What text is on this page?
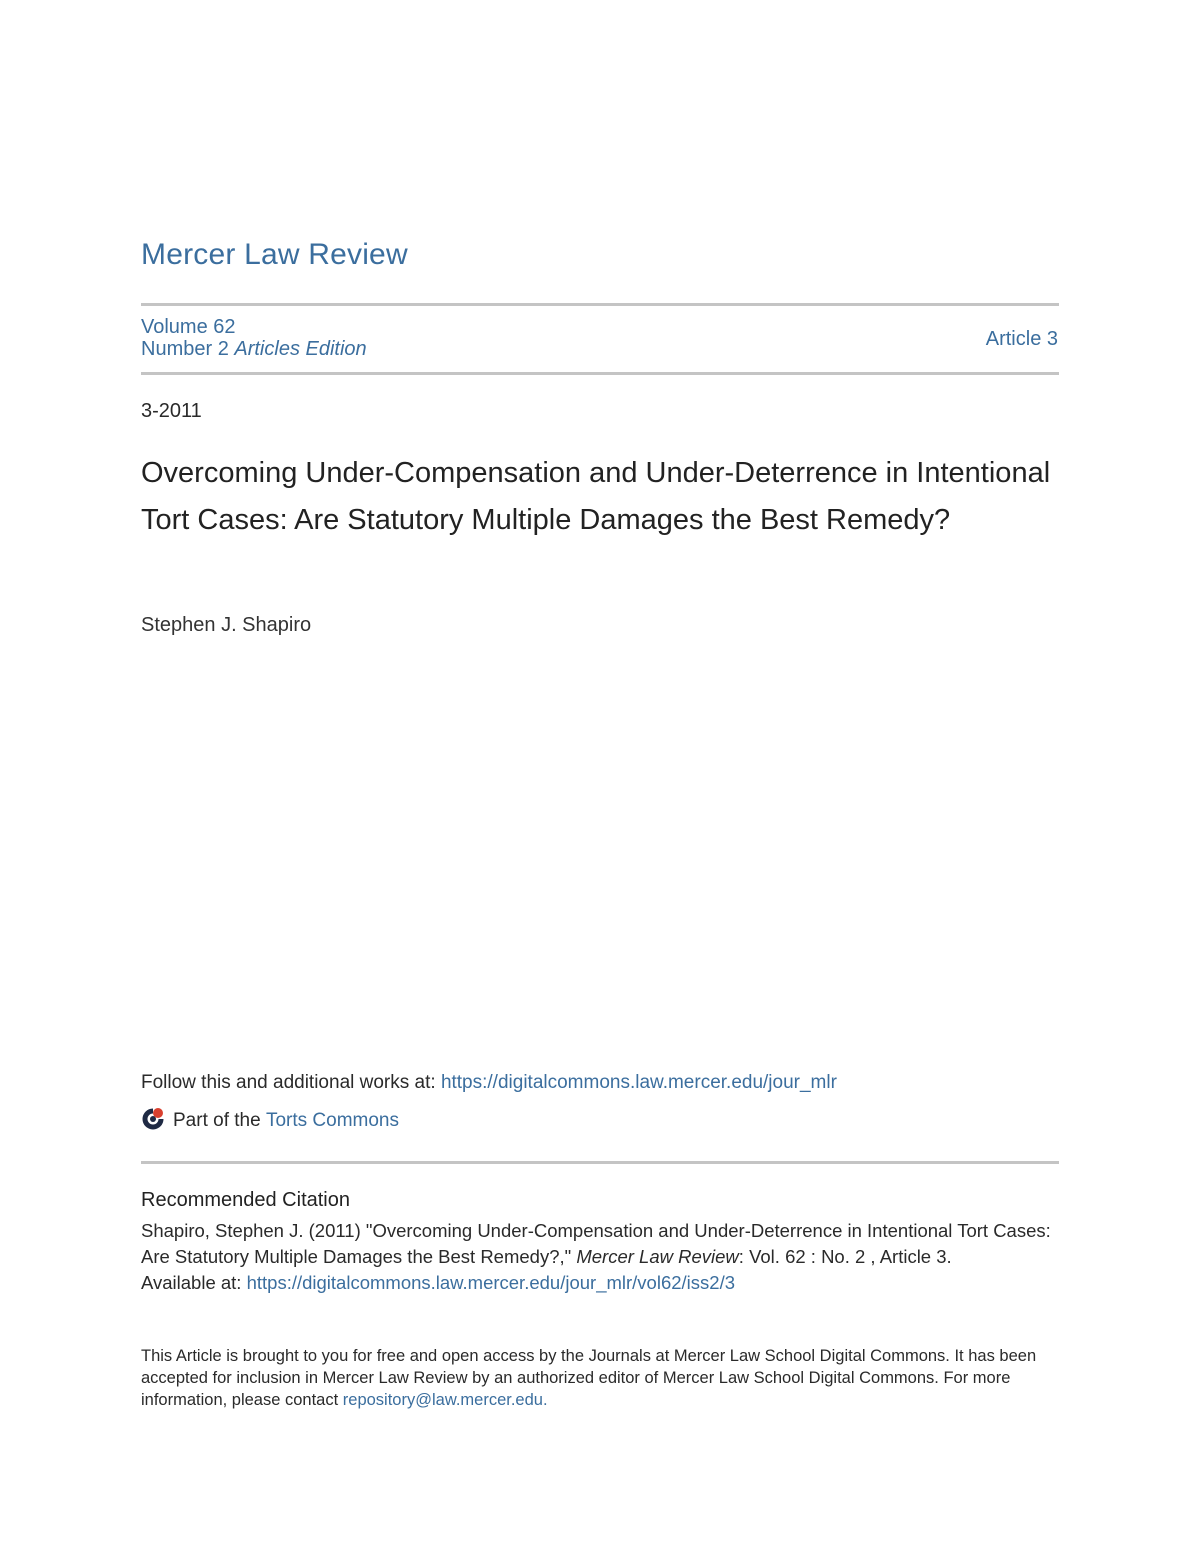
Mercer Law Review
Volume 62
Number 2 Articles Edition	Article 3
3-2011
Overcoming Under-Compensation and Under-Deterrence in Intentional Tort Cases: Are Statutory Multiple Damages the Best Remedy?
Stephen J. Shapiro
Follow this and additional works at: https://digitalcommons.law.mercer.edu/jour_mlr
Part of the
Torts Commons
Recommended Citation
Shapiro, Stephen J. (2011) "Overcoming Under-Compensation and Under-Deterrence in Intentional Tort Cases: Are Statutory Multiple Damages the Best Remedy?," Mercer Law Review: Vol. 62 : No. 2 , Article 3.
Available at: https://digitalcommons.law.mercer.edu/jour_mlr/vol62/iss2/3
This Article is brought to you for free and open access by the Journals at Mercer Law School Digital Commons. It has been accepted for inclusion in Mercer Law Review by an authorized editor of Mercer Law School Digital Commons. For more information, please contact repository@law.mercer.edu.
